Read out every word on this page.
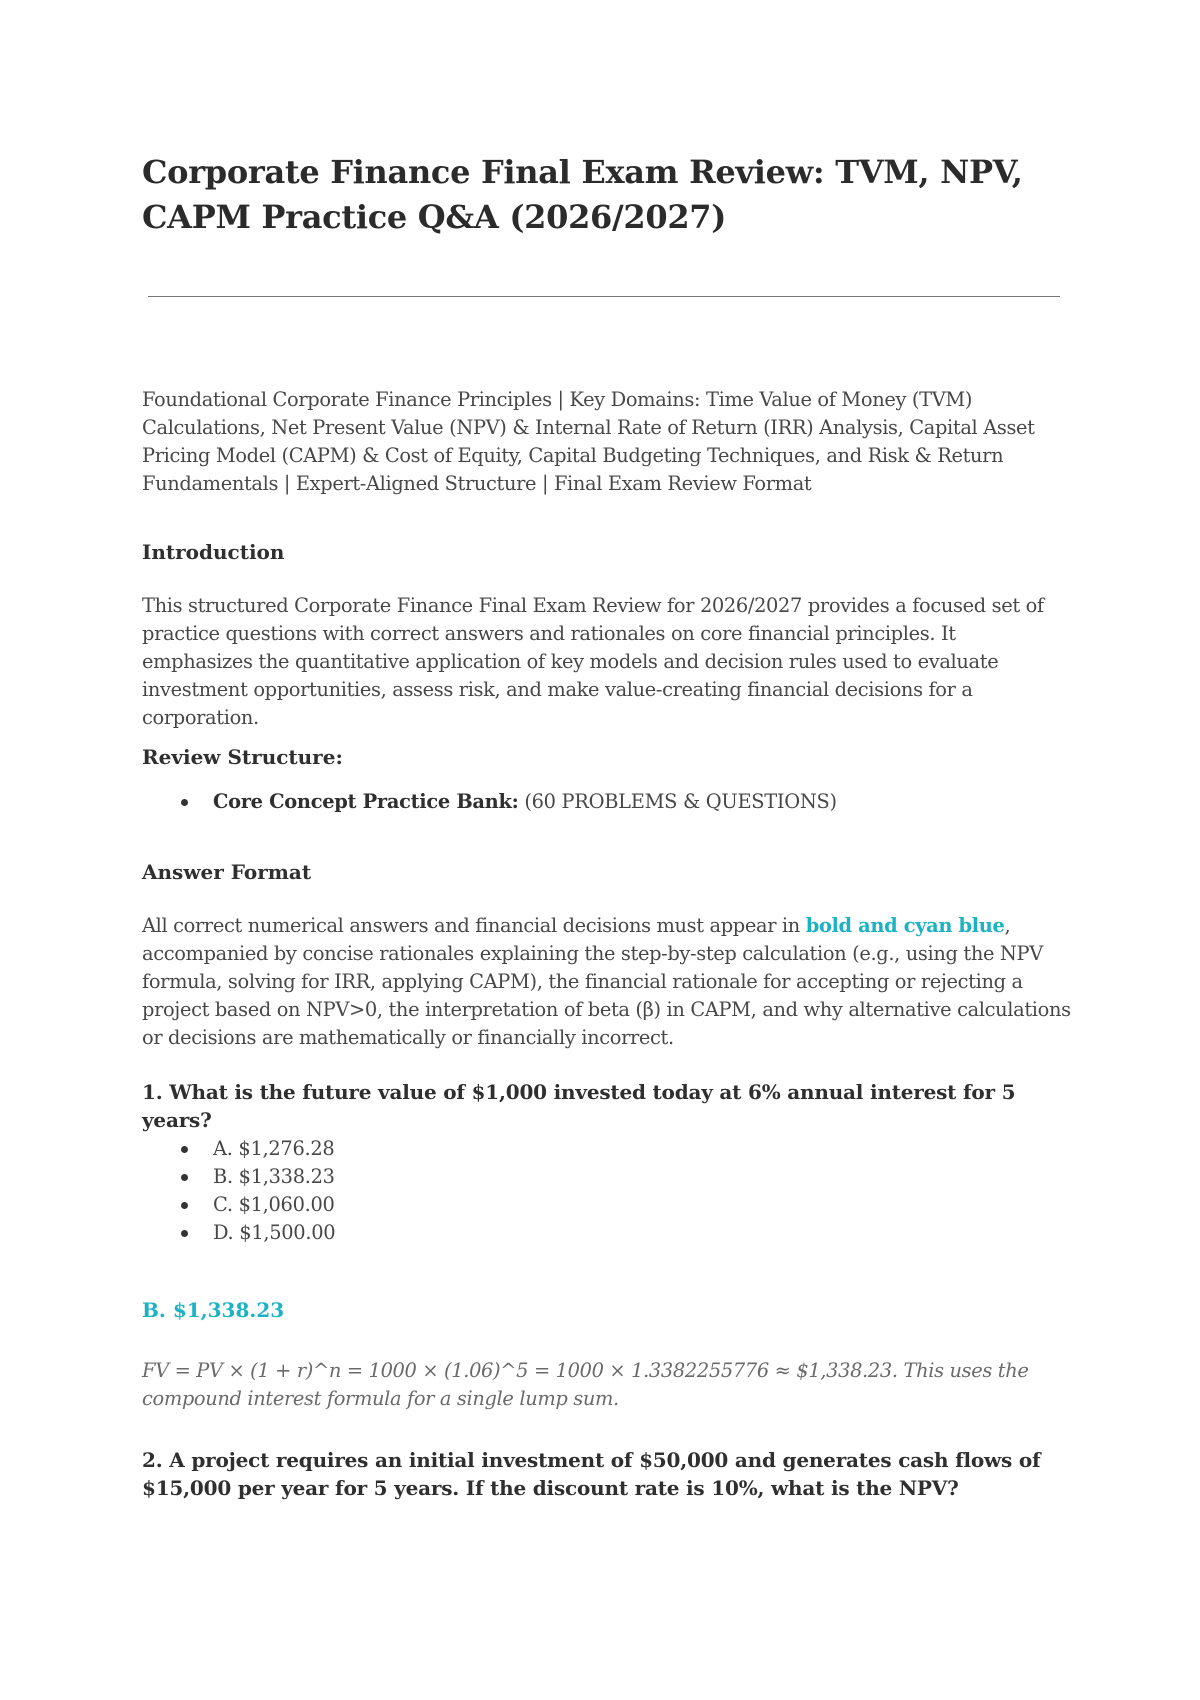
Corporate Finance Final Exam Review: TVM, NPV, CAPM Practice Q&A (2026/2027)

Foundational Corporate Finance Principles | Key Domains: Time Value of Money (TVM) Calculations, Net Present Value (NPV) & Internal Rate of Return (IRR) Analysis, Capital Asset Pricing Model (CAPM) & Cost of Equity, Capital Budgeting Techniques, and Risk & Return Fundamentals | Expert-Aligned Structure | Final Exam Review Format

Introduction

This structured Corporate Finance Final Exam Review for 2026/2027 provides a focused set of practice questions with correct answers and rationales on core financial principles. It emphasizes the quantitative application of key models and decision rules used to evaluate investment opportunities, assess risk, and make value-creating financial decisions for a corporation.

Review Structure:
Core Concept Practice Bank: (60 PROBLEMS & QUESTIONS)
Answer Format

All correct numerical answers and financial decisions must appear in bold and cyan blue, accompanied by concise rationales explaining the step-by-step calculation (e.g., using the NPV formula, solving for IRR, applying CAPM), the financial rationale for accepting or rejecting a project based on NPV>0, the interpretation of beta (β) in CAPM, and why alternative calculations or decisions are mathematically or financially incorrect.

1. What is the future value of $1,000 invested today at 6% annual interest for 5 years?

A. $1,276.28
B. $1,338.23
C. $1,060.00
D. $1,500.00

B. $1,338.23

FV = PV × (1 + r)^n = 1000 × (1.06)^5 = 1000 × 1.3382255776 ≈ $1,338.23. This uses the compound interest formula for a single lump sum.

2. A project requires an initial investment of $50,000 and generates cash flows of $15,000 per year for 5 years. If the discount rate is 10%, what is the NPV?
